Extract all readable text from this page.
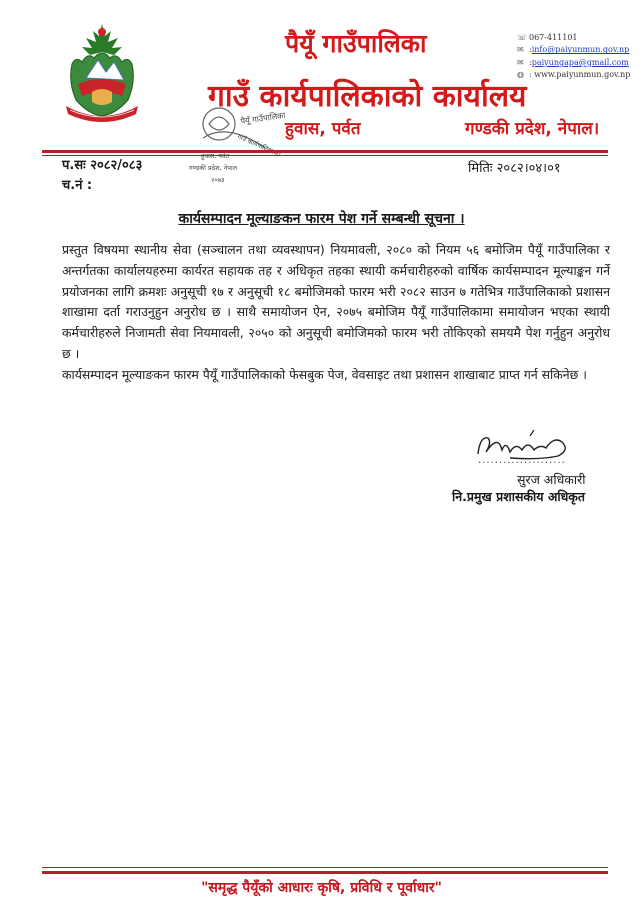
पैयूँ गाउँपालिका
गाउँ कार्यपालिकाको
हुवास, पर्वत
गण्डकी प्रदेश, नेपाल
२०७३
पैयूँ गाउँपालिका
गाउँ कार्यपालिकाको कार्यालय
हुवास, पर्वत	गण्डकी प्रदेश, नेपाल।
☏ 067-411101
✉ : info@paiyunmun.gov.np
✉ : paiyungapa@gmail.com
◍ : www.paiyunmun.gov.np
प.सः २०८२/०८३
च.नं :
मितिः २०८२।०४।०१
कार्यसम्पादन मूल्याङकन फारम पेश गर्ने सम्बन्धी सूचना ।

प्रस्तुत विषयमा स्थानीय सेवा (सञ्चालन तथा व्यवस्थापन) नियमावली, २०८० को नियम ५६ बमोजिम पैयूँ गाउँपालिका र अन्तर्गतका कार्यालयहरुमा कार्यरत सहायक तह र अधिकृत तहका स्थायी कर्मचारीहरुको वार्षिक कार्यसम्पादन मूल्याङ्कन गर्ने प्रयोजनका लागि क्रमशः अनुसूची १७ र अनुसूची १८ बमोजिमको फारम भरी २०८२ साउन ७ गतेभित्र गाउँपालिकाको प्रशासन शाखामा दर्ता गराउनुहुन अनुरोध छ । साथै समायोजन ऐन, २०७५ बमोजिम पैयूँ गाउँपालिकामा समायोजन भएका स्थायी कर्मचारीहरुले निजामती सेवा नियमावली, २०५० को अनुसूची बमोजिमको फारम भरी तोकिएको समयमै पेश गर्नुहुन अनुरोध छ ।

कार्यसम्पादन मूल्याङकन फारम पैयूँ गाउँपालिकाको फेसबुक पेज, वेवसाइट तथा प्रशासन शाखाबाट प्राप्त गर्न सकिनेछ ।

.....................
सुरज अधिकारी
नि.प्रमुख प्रशासकीय अधिकृत
"समृद्ध पैयूँको आधारः कृषि, प्रविधि र पूर्वाधार"
